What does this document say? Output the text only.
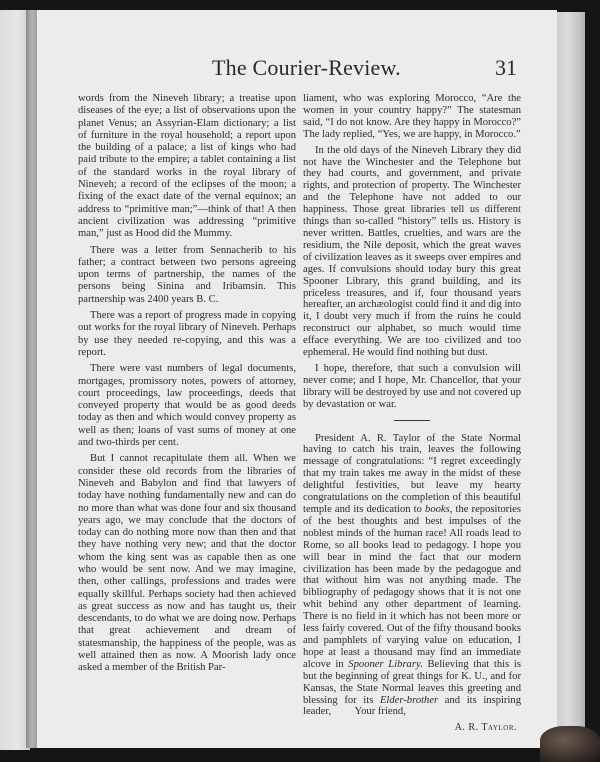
The Courier-Review.	31

words from the Nineveh library; a treatise upon diseases of the eye; a list of observations upon the planet Venus; an Assyrian-Elam dictionary; a list of furniture in the royal household; a report upon the building of a palace; a list of kings who had paid tribute to the empire; a tablet containing a list of the standard works in the royal library of Nineveh; a record of the eclipses of the moon; a fixing of the exact date of the vernal equinox; an address to “primitive man;”—think of that! A then ancient civilization was addressing “primitive man,” just as Hood did the Mummy.

There was a letter from Sennacherib to his father; a contract between two persons agreeing upon terms of partnership, the names of the persons being Sinina and Iribamsin. This partnership was 2400 years B. C.

There was a report of progress made in copying out works for the royal library of Nineveh. Perhaps by use they needed re-copying, and this was a report.

There were vast numbers of legal documents, mortgages, promissory notes, powers of attorney, court proceedings, law proceedings, deeds that conveyed property that would be as good deeds today as then and which would convey property as well as then; loans of vast sums of money at one and two-thirds per cent.

But I cannot recapitulate them all. When we consider these old records from the libraries of Nineveh and Babylon and find that lawyers of today have nothing fundamentally new and can do no more than what was done four and six thousand years ago, we may conclude that the doctors of today can do nothing more now than then and that they have nothing very new; and that the doctor whom the king sent was as capable then as one who would be sent now. And we may imagine, then, other callings, professions and trades were equally skillful. Perhaps society had then achieved as great success as now and has taught us, their descendants, to do what we are doing now. Perhaps that great achievement and dream of statesmanship, the happiness of the people, was as well attained then as now. A Moorish lady once asked a member of the British Par-

liament, who was exploring Morocco, “Are the women in your country happy?” The statesman said, “I do not know. Are they happy in Morocco?” The lady replied, “Yes, we are happy, in Morocco.”

In the old days of the Nineveh Library they did not have the Winchester and the Telephone but they had courts, and government, and private rights, and protection of property. The Winchester and the Telephone have not added to our happiness. Those great libraries tell us different things than so-called “history” tells us. History is never written. Battles, cruelties, and wars are the residium, the Nile deposit, which the great waves of civilization leaves as it sweeps over empires and ages. If convulsions should today bury this great Spooner Library, this grand building, and its priceless treasures, and if, four thousand years hereafter, an archæologist could find it and dig into it, I doubt very much if from the ruins he could reconstruct our alphabet, so much would time efface everything. We are too civilized and too ephemeral. He would find nothing but dust.

I hope, therefore, that such a convulsion will never come; and I hope, Mr. Chancellor, that your library will be destroyed by use and not covered up by devastation or war.

President A. R. Taylor of the State Normal having to catch his train, leaves the following message of congratulations: “I regret exceedingly that my train takes me away in the midst of these delightful festivities, but leave my hearty congratulations on the completion of this beautiful temple and its dedication to books, the repositories of the best thoughts and best impulses of the noblest minds of the human race! All roads lead to Rome, so all books lead to pedagogy. I hope you will bear in mind the fact that our modern civilization has been made by the pedagogue and that without him was not anything made. The bibliography of pedagogy shows that it is not one whit behind any other department of learning. There is no field in it which has not been more or less fairly covered. Out of the fifty thousand books and pamphlets of varying value on education, I hope at least a thousand may find an immediate alcove in Spooner Library. Believing that this is but the beginning of great things for K. U., and for Kansas, the State Normal leaves this greeting and blessing for its Elder-brother and its inspiring leader,         Your friend,

A. R. Taylor.
